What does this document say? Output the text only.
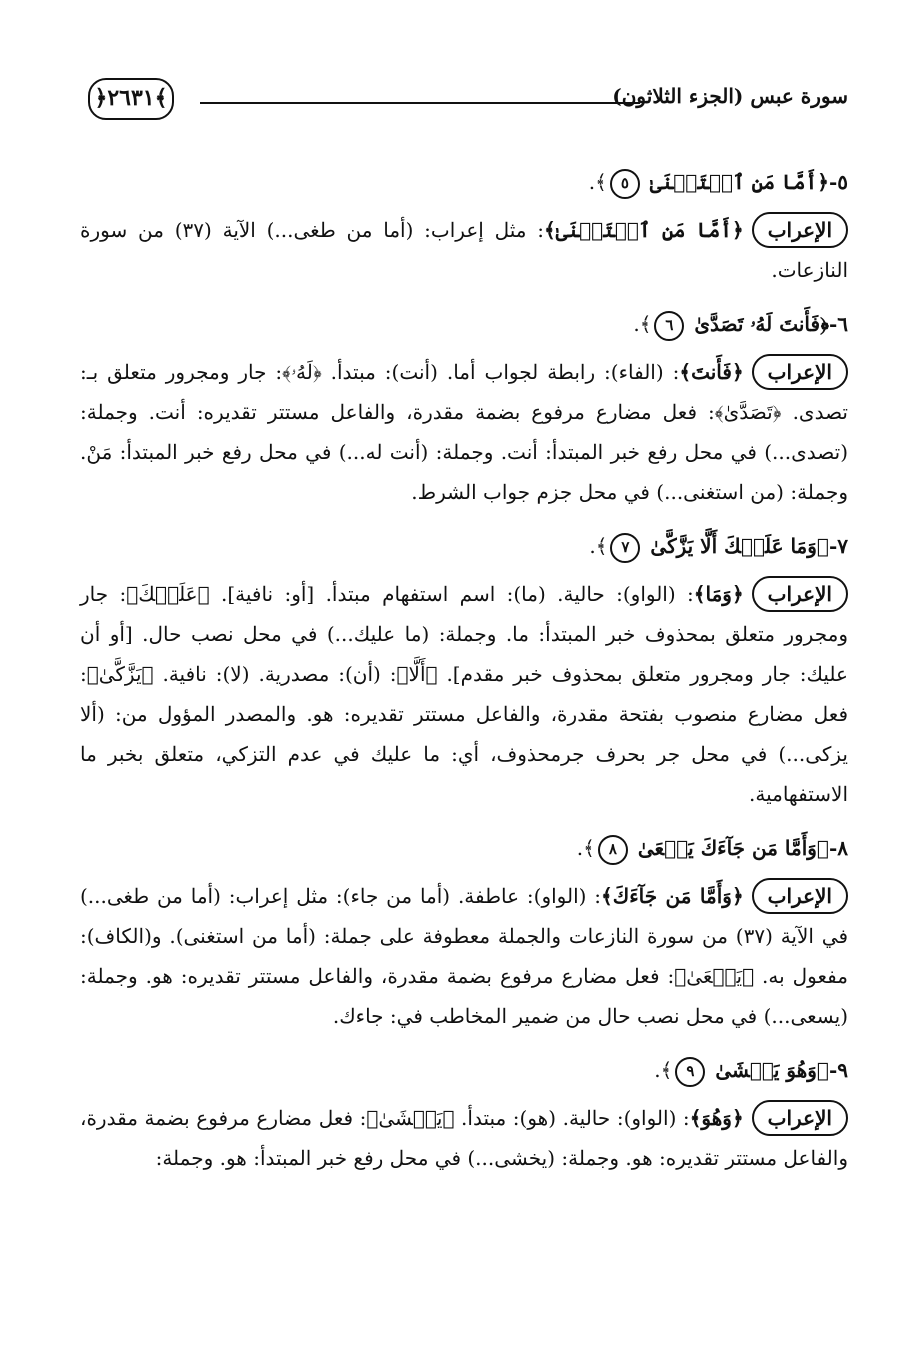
سورة عبس (الجزء الثلاثون)
﴿٢٦٣١﴾
٥-﴿أَمَّا مَنِ ٱسۡتَغۡنَىٰ ٥﴾.
الإعراب﴿أَمَّا مَنِ ٱسۡتَغۡنَىٰ﴾: مثل إعراب: (أما من طغى...) الآية (٣٧) من سورة النازعات.
٦-﴿فَأَنتَ لَهُۥ تَصَدَّىٰ ٦﴾.
الإعراب﴿فَأَنتَ﴾: (الفاء): رابطة لجواب أما. (أنت): مبتدأ. ﴿لَهُۥ﴾: جار ومجرور متعلق بـ: تصدى. ﴿تَصَدَّىٰ﴾: فعل مضارع مرفوع بضمة مقدرة، والفاعل مستتر تقديره: أنت. وجملة: (تصدى...) في محل رفع خبر المبتدأ: أنت. وجملة: (أنت له...) في محل رفع خبر المبتدأ: مَنْ. وجملة: (من استغنى...) في محل جزم جواب الشرط.
٧-﴿وَمَا عَلَيۡكَ أَلَّا يَزَّكَّىٰ ٧﴾.
الإعراب﴿وَمَا﴾: (الواو): حالية. (ما): اسم استفهام مبتدأ. [أو: نافية]. ﴿عَلَيۡكَ﴾: جار ومجرور متعلق بمحذوف خبر المبتدأ: ما. وجملة: (ما عليك...) في محل نصب حال. [أو أن عليك: جار ومجرور متعلق بمحذوف خبر مقدم]. ﴿أَلَّا﴾: (أن): مصدرية. (لا): نافية. ﴿يَزَّكَّىٰ﴾: فعل مضارع منصوب بفتحة مقدرة، والفاعل مستتر تقديره: هو. والمصدر المؤول من: (ألا يزكى...) في محل جر بحرف جرمحذوف، أي: ما عليك في عدم التزكي، متعلق بخبر ما الاستفهامية.
٨-﴿وَأَمَّا مَن جَآءَكَ يَسۡعَىٰ ٨﴾.
الإعراب﴿وَأَمَّا مَن جَآءَكَ﴾: (الواو): عاطفة. (أما من جاء): مثل إعراب: (أما من طغى...) في الآية (٣٧) من سورة النازعات والجملة معطوفة على جملة: (أما من استغنى). و(الكاف): مفعول به. ﴿يَسۡعَىٰ﴾: فعل مضارع مرفوع بضمة مقدرة، والفاعل مستتر تقديره: هو. وجملة: (يسعى...) في محل نصب حال من ضمير المخاطب في: جاءك.
٩-﴿وَهُوَ يَخۡشَىٰ ٩﴾.
الإعراب﴿وَهُوَ﴾: (الواو): حالية. (هو): مبتدأ. ﴿يَخۡشَىٰ﴾: فعل مضارع مرفوع بضمة مقدرة، والفاعل مستتر تقديره: هو. وجملة: (يخشى...) في محل رفع خبر المبتدأ: هو. وجملة:
